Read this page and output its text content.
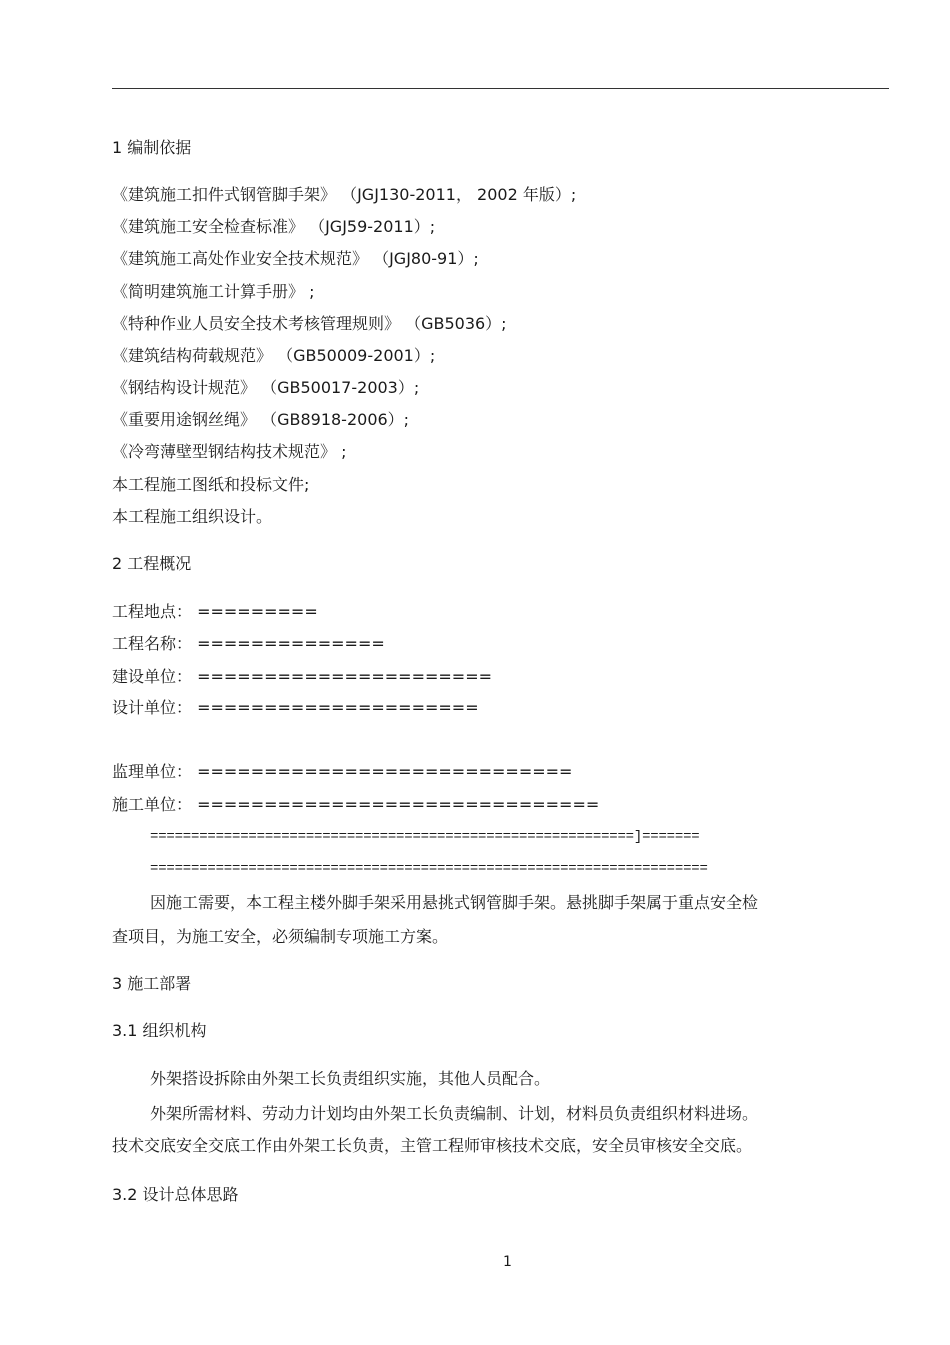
1 编制依据
《建筑施工扣件式钢管脚手架》 （JGJ130-2011， 2002 年版）;
《建筑施工安全检查标准》 （JGJ59-2011）;
《建筑施工高处作业安全技术规范》 （JGJ80-91）;
《简明建筑施工计算手册》 ;
《特种作业人员安全技术考核管理规则》 （GB5036）;
《建筑结构荷载规范》 （GB50009-2001）;
《钢结构设计规范》 （GB50017-2003）;
《重要用途钢丝绳》 （GB8918-2006）;
《冷弯薄壁型钢结构技术规范》 ;
本工程施工图纸和投标文件;
本工程施工组织设计。
2 工程概况
工程地点： =========
工程名称： ==============
建设单位： ======================
设计单位： =====================
监理单位： ============================
施工单位： ==============================
===========================================================]=======
====================================================================
因施工需要，本工程主楼外脚手架采用悬挑式钢管脚手架。悬挑脚手架属于重点安全检
查项目，为施工安全，必须编制专项施工方案。
3 施工部署
3.1 组织机构
外架搭设拆除由外架工长负责组织实施，其他人员配合。
外架所需材料、劳动力计划均由外架工长负责编制、计划，材料员负责组织材料进场。
技术交底安全交底工作由外架工长负责，主管工程师审核技术交底，安全员审核安全交底。
3.2 设计总体思路
1
